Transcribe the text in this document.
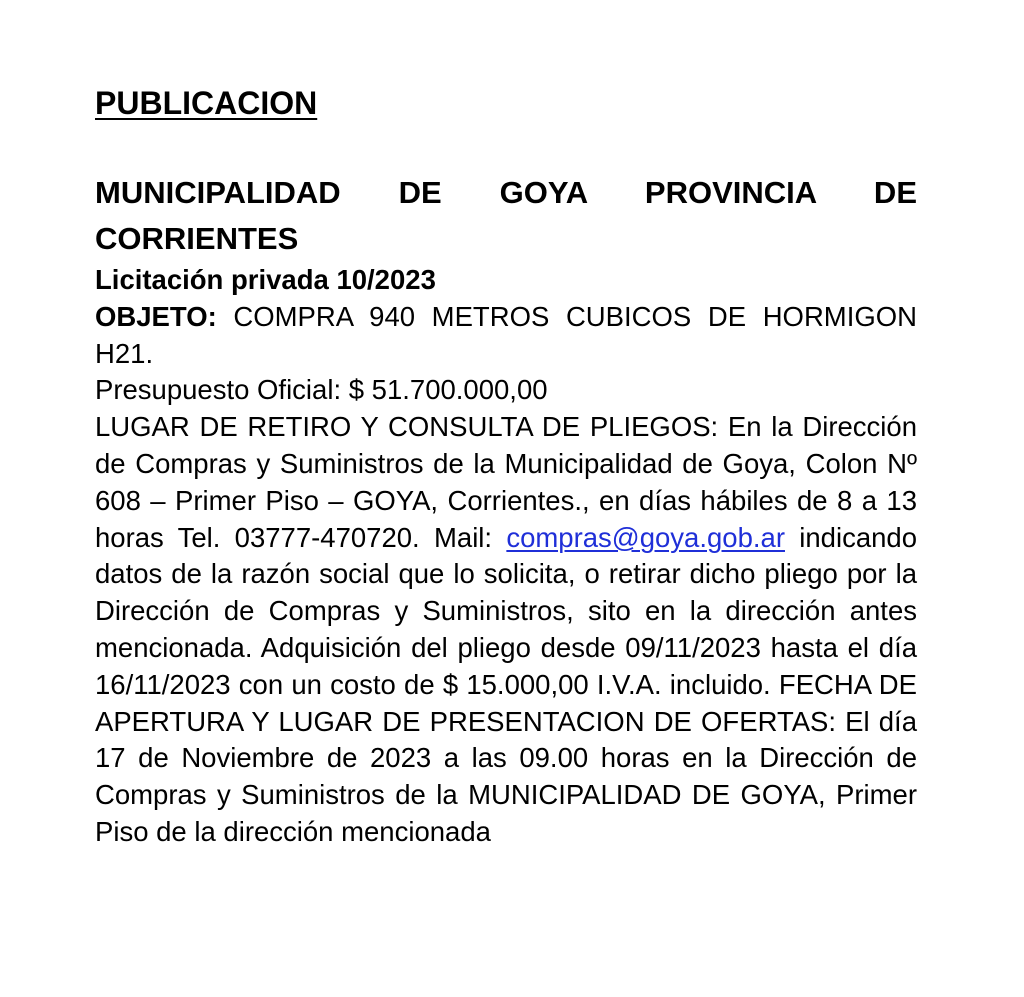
PUBLICACION
MUNICIPALIDAD DE GOYA PROVINCIA DE CORRIENTES

Licitación privada 10/2023

OBJETO: COMPRA 940 METROS CUBICOS DE HORMIGON H21.

Presupuesto Oficial: $ 51.700.000,00

LUGAR DE RETIRO Y CONSULTA DE PLIEGOS: En la Dirección de Compras y Suministros de la Municipalidad de Goya, Colon Nº 608 – Primer Piso – GOYA, Corrientes., en días hábiles de 8 a 13 horas Tel. 03777-470720. Mail: compras@goya.gob.ar indicando datos de la razón social que lo solicita, o retirar dicho pliego por la Dirección de Compras y Suministros, sito en la dirección antes mencionada. Adquisición del pliego desde 09/11/2023 hasta el día 16/11/2023 con un costo de $ 15.000,00 I.V.A. incluido. FECHA DE APERTURA Y LUGAR DE PRESENTACION DE OFERTAS: El día 17 de Noviembre de 2023 a las 09.00 horas en la Dirección de Compras y Suministros de la MUNICIPALIDAD DE GOYA, Primer Piso de la dirección mencionada
